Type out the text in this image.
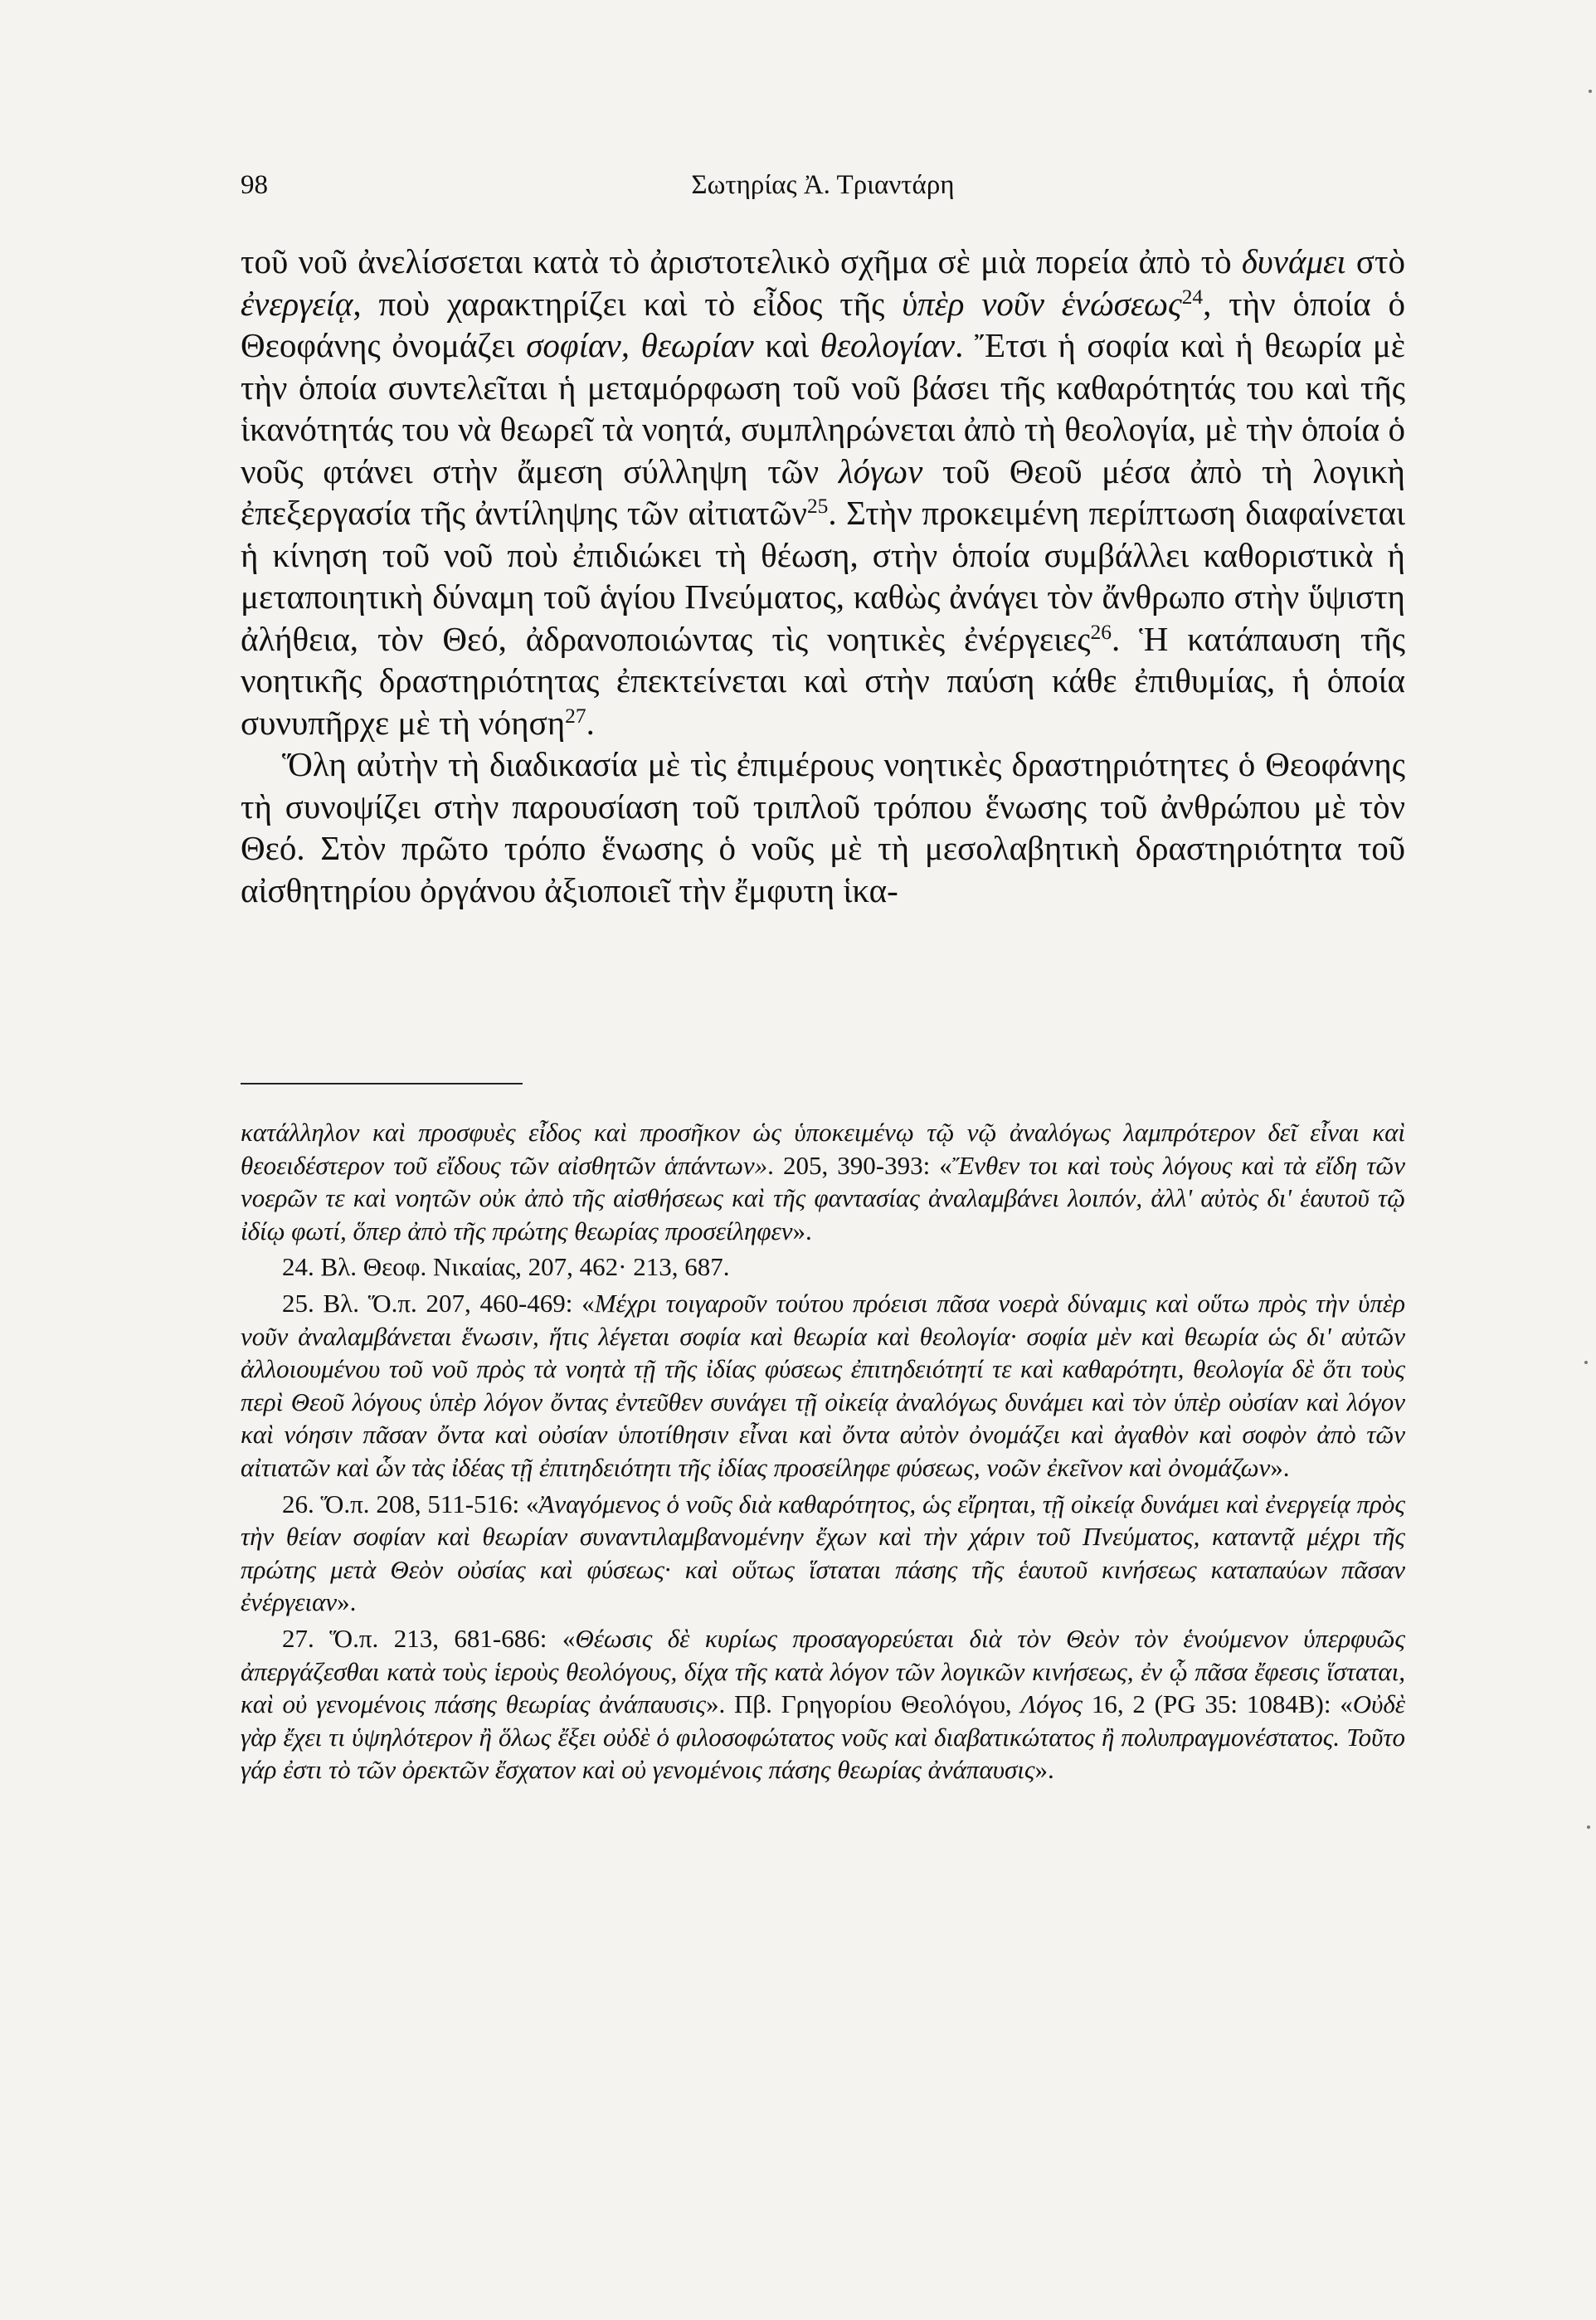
98	Σωτηρίας Ἀ. Τριαντάρη

τοῦ νοῦ ἀνελίσσεται κατὰ τὸ ἀριστοτελικὸ σχῆμα σὲ μιὰ πορεία ἀπὸ τὸ δυνάμει στὸ ἐνεργείᾳ, ποὺ χαρακτηρίζει καὶ τὸ εἶδος τῆς ὑπὲρ νοῦν ἑνώσεως$^{24}$, τὴν ὁποία ὁ Θεοφάνης ὀνομάζει σοφίαν, θεωρίαν καὶ θεολογίαν. Ἔτσι ἡ σοφία καὶ ἡ θεωρία μὲ τὴν ὁποία συντελεῖται ἡ μεταμόρφωση τοῦ νοῦ βάσει τῆς καθαρότητάς του καὶ τῆς ἱκανότητάς του νὰ θεωρεῖ τὰ νοητά, συμπληρώνεται ἀπὸ τὴ θεολογία, μὲ τὴν ὁποία ὁ νοῦς φτάνει στὴν ἄμεση σύλληψη τῶν λόγων τοῦ Θεοῦ μέσα ἀπὸ τὴ λογικὴ ἐπεξεργασία τῆς ἀντίληψης τῶν αἰτιατῶν$^{25}$. Στὴν προκειμένη περίπτωση διαφαίνεται ἡ κίνηση τοῦ νοῦ ποὺ ἐπιδιώκει τὴ θέωση, στὴν ὁποία συμβάλλει καθοριστικὰ ἡ μεταποιητικὴ δύναμη τοῦ ἁγίου Πνεύματος, καθὼς ἀνάγει τὸν ἄνθρωπο στὴν ὕψιστη ἀλήθεια, τὸν Θεό, ἀδρανοποιώντας τὶς νοητικὲς ἐνέργειες$^{26}$. Ἡ κατάπαυση τῆς νοητικῆς δραστηριότητας ἐπεκτείνεται καὶ στὴν παύση κάθε ἐπιθυμίας, ἡ ὁποία συνυπῆρχε μὲ τὴ νόηση$^{27}$.

Ὅλη αὐτὴν τὴ διαδικασία μὲ τὶς ἐπιμέρους νοητικὲς δραστηριότητες ὁ Θεοφάνης τὴ συνοψίζει στὴν παρουσίαση τοῦ τριπλοῦ τρόπου ἕνωσης τοῦ ἀνθρώπου μὲ τὸν Θεό. Στὸν πρῶτο τρόπο ἕνωσης ὁ νοῦς μὲ τὴ μεσολαβητικὴ δραστηριότητα τοῦ αἰσθητηρίου ὀργάνου ἀξιοποιεῖ τὴν ἔμφυτη ἱκα-

κατάλληλον καὶ προσφυὲς εἶδος καὶ προσῆκον ὡς ὑποκειμένῳ τῷ νῷ ἀναλόγως λαμπρότερον δεῖ εἶναι καὶ θεοειδέστερον τοῦ εἴδους τῶν αἰσθητῶν ἁπάντων». 205, 390-393: «Ἔνθεν τοι καὶ τοὺς λόγους καὶ τὰ εἴδη τῶν νοερῶν τε καὶ νοητῶν οὐκ ἀπὸ τῆς αἰσθήσεως καὶ τῆς φαντασίας ἀναλαμβάνει λοιπόν, ἀλλ' αὐτὸς δι' ἑαυτοῦ τῷ ἰδίῳ φωτί, ὅπερ ἀπὸ τῆς πρώτης θεωρίας προσείληφεν».

24. Βλ. Θεοφ. Νικαίας, 207, 462· 213, 687.

25. Βλ. Ὅ.π. 207, 460-469: «Μέχρι τοιγαροῦν τούτου πρόεισι πᾶσα νοερὰ δύναμις καὶ οὕτω πρὸς τὴν ὑπὲρ νοῦν ἀναλαμβάνεται ἕνωσιν, ἥτις λέγεται σοφία καὶ θεωρία καὶ θεολογία· σοφία μὲν καὶ θεωρία ὡς δι' αὐτῶν ἀλλοιουμένου τοῦ νοῦ πρὸς τὰ νοητὰ τῇ τῆς ἰδίας φύσεως ἐπιτηδειότητί τε καὶ καθαρότητι, θεολογία δὲ ὅτι τοὺς περὶ Θεοῦ λόγους ὑπὲρ λόγον ὄντας ἐντεῦθεν συνάγει τῇ οἰκείᾳ ἀναλόγως δυνάμει καὶ τὸν ὑπὲρ οὐσίαν καὶ λόγον καὶ νόησιν πᾶσαν ὄντα καὶ οὐσίαν ὑποτίθησιν εἶναι καὶ ὄντα αὐτὸν ὀνομάζει καὶ ἀγαθὸν καὶ σοφὸν ἀπὸ τῶν αἰτιατῶν καὶ ὧν τὰς ἰδέας τῇ ἐπιτηδειότητι τῆς ἰδίας προσείληφε φύσεως, νοῶν ἐκεῖνον καὶ ὀνομάζων».

26. Ὅ.π. 208, 511-516: «Ἀναγόμενος ὁ νοῦς διὰ καθαρότητος, ὡς εἴρηται, τῇ οἰκείᾳ δυνάμει καὶ ἐνεργείᾳ πρὸς τὴν θείαν σοφίαν καὶ θεωρίαν συναντιλαμβανομένην ἔχων καὶ τὴν χάριν τοῦ Πνεύματος, καταντᾷ μέχρι τῆς πρώτης μετὰ Θεὸν οὐσίας καὶ φύσεως· καὶ οὕτως ἵσταται πάσης τῆς ἑαυτοῦ κινήσεως καταπαύων πᾶσαν ἐνέργειαν».

27. Ὅ.π. 213, 681-686: «Θέωσις δὲ κυρίως προσαγορεύεται διὰ τὸν Θεὸν τὸν ἑνούμενον ὑπερφυῶς ἀπεργάζεσθαι κατὰ τοὺς ἱεροὺς θεολόγους, δίχα τῆς κατὰ λόγον τῶν λογικῶν κινήσεως, ἐν ᾧ πᾶσα ἔφεσις ἵσταται, καὶ οὐ γενομένοις πάσης θεωρίας ἀνάπαυσις». Πβ. Γρηγορίου Θεολόγου, Λόγος 16, 2 (PG 35: 1084B): «Οὐδὲ γὰρ ἔχει τι ὑψηλότερον ἢ ὅλως ἔξει οὐδὲ ὁ φιλοσοφώτατος νοῦς καὶ διαβατικώτατος ἢ πολυπραγμονέστατος. Τοῦτο γάρ ἐστι τὸ τῶν ὀρεκτῶν ἔσχατον καὶ οὐ γενομένοις πάσης θεωρίας ἀνάπαυσις».
